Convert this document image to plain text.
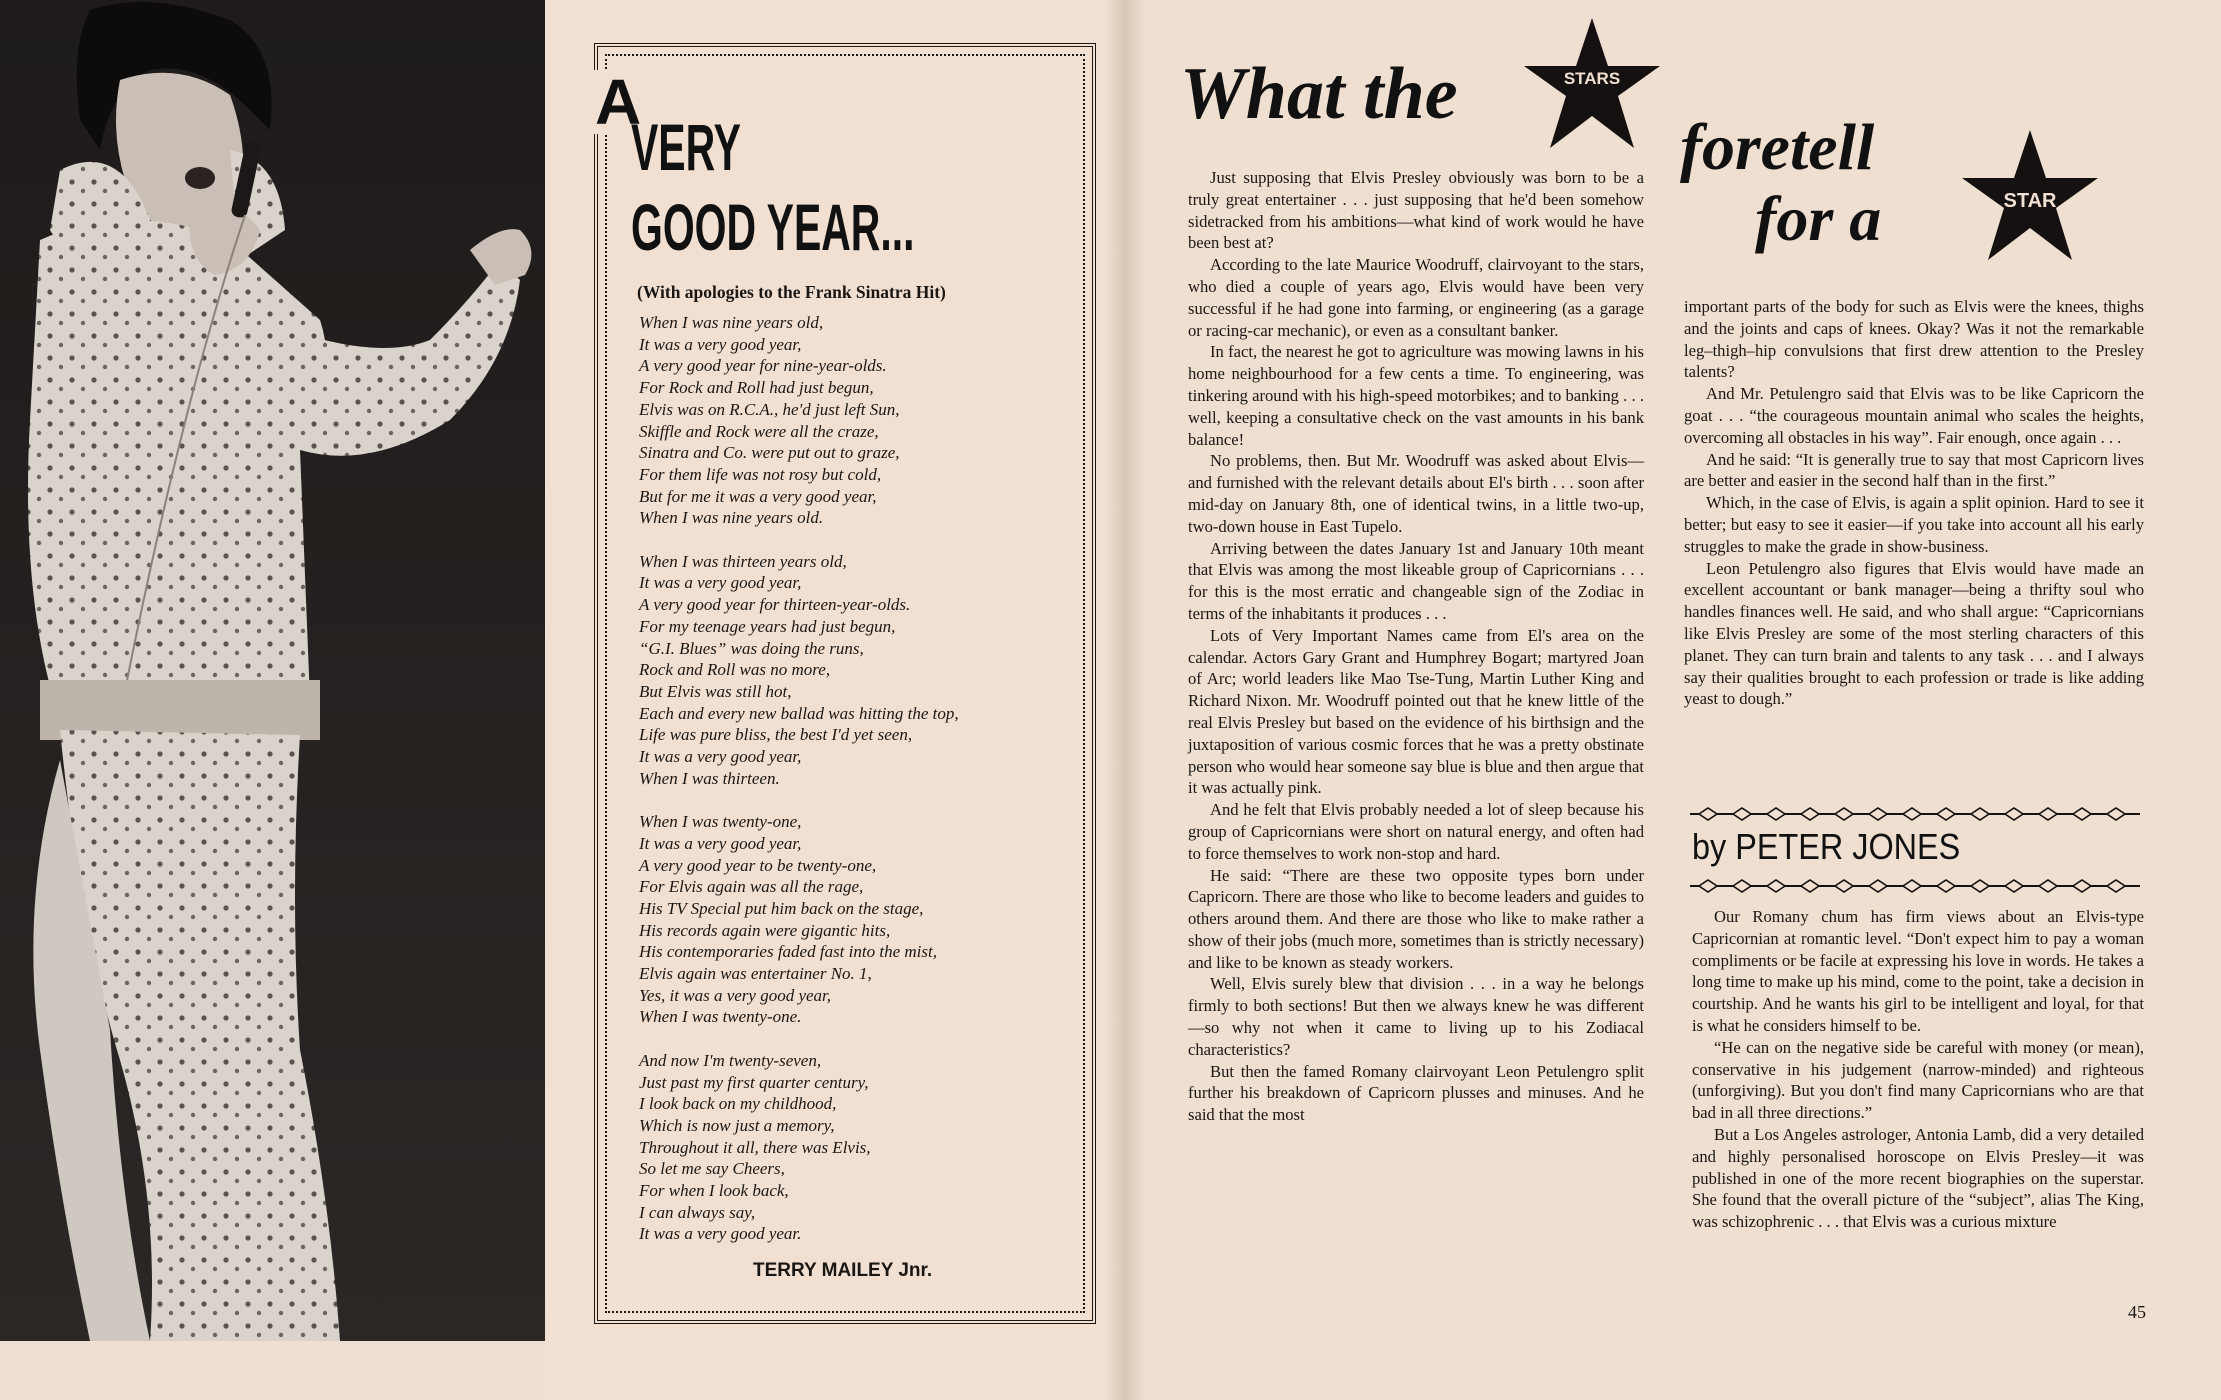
A
VERY
GOOD YEAR...
(With apologies to the Frank Sinatra Hit)
When I was nine years old,
It was a very good year,
A very good year for nine-year-olds.
For Rock and Roll had just begun,
Elvis was on R.C.A., he'd just left Sun,
Skiffle and Rock were all the craze,
Sinatra and Co. were put out to graze,
For them life was not rosy but cold,
But for me it was a very good year,
When I was nine years old.
When I was thirteen years old,
It was a very good year,
A very good year for thirteen-year-olds.
For my teenage years had just begun,
“G.I. Blues” was doing the runs,
Rock and Roll was no more,
But Elvis was still hot,
Each and every new ballad was hitting the top,
Life was pure bliss, the best I'd yet seen,
It was a very good year,
When I was thirteen.
When I was twenty-one,
It was a very good year,
A very good year to be twenty-one,
For Elvis again was all the rage,
His TV Special put him back on the stage,
His records again were gigantic hits,
His contemporaries faded fast into the mist,
Elvis again was entertainer No. 1,
Yes, it was a very good year,
When I was twenty-one.
And now I'm twenty-seven,
Just past my first quarter century,
I look back on my childhood,
Which is now just a memory,
Throughout it all, there was Elvis,
So let me say Cheers,
For when I look back,
I can always say,
It was a very good year.
TERRY MAILEY Jnr.
What the	STARS
foretell
for a	STAR

Just supposing that Elvis Presley obviously was born to be a truly great entertainer . . . just supposing that he'd been somehow sidetracked from his ambitions—what kind of work would he have been best at?

According to the late Maurice Woodruff, clairvoyant to the stars, who died a couple of years ago, Elvis would have been very successful if he had gone into farming, or engineering (as a garage or racing-car mechanic), or even as a consultant banker.

In fact, the nearest he got to agriculture was mowing lawns in his home neighbourhood for a few cents a time. To engineering, was tinkering around with his high-speed motorbikes; and to banking . . . well, keeping a consultative check on the vast amounts in his bank balance!

No problems, then. But Mr. Woodruff was asked about Elvis—and furnished with the relevant details about El's birth . . . soon after mid-day on January 8th, one of identical twins, in a little two-up, two-down house in East Tupelo.

Arriving between the dates January 1st and January 10th meant that Elvis was among the most likeable group of Capricornians . . . for this is the most erratic and changeable sign of the Zodiac in terms of the inhabitants it produces . . .

Lots of Very Important Names came from El's area on the calendar. Actors Gary Grant and Humphrey Bogart; martyred Joan of Arc; world leaders like Mao Tse-Tung, Martin Luther King and Richard Nixon. Mr. Woodruff pointed out that he knew little of the real Elvis Presley but based on the evidence of his birthsign and the juxtaposition of various cosmic forces that he was a pretty obstinate person who would hear someone say blue is blue and then argue that it was actually pink.

And he felt that Elvis probably needed a lot of sleep because his group of Capricornians were short on natural energy, and often had to force themselves to work non-stop and hard.

He said: “There are these two opposite types born under Capricorn. There are those who like to become leaders and guides to others around them. And there are those who like to make rather a show of their jobs (much more, sometimes than is strictly necessary) and like to be known as steady workers.

Well, Elvis surely blew that division . . . in a way he belongs firmly to both sections! But then we always knew he was different—so why not when it came to living up to his Zodiacal characteristics?

But then the famed Romany clairvoyant Leon Petulengro split further his breakdown of Capricorn plusses and minuses. And he said that the most

important parts of the body for such as Elvis were the knees, thighs and the joints and caps of knees. Okay? Was it not the remarkable leg–thigh–hip convulsions that first drew attention to the Presley talents?

And Mr. Petulengro said that Elvis was to be like Capricorn the goat . . . “the courageous mountain animal who scales the heights, overcoming all obstacles in his way”. Fair enough, once again . . .

And he said: “It is generally true to say that most Capricorn lives are better and easier in the second half than in the first.”

Which, in the case of Elvis, is again a split opinion. Hard to see it better; but easy to see it easier—if you take into account all his early struggles to make the grade in show-business.

Leon Petulengro also figures that Elvis would have made an excellent accountant or bank manager—being a thrifty soul who handles finances well. He said, and who shall argue: “Capricornians like Elvis Presley are some of the most sterling characters of this planet. They can turn brain and talents to any task . . . and I always say their qualities brought to each profession or trade is like adding yeast to dough.”

by PETER JONES

Our Romany chum has firm views about an Elvis-type Capricornian at romantic level. “Don't expect him to pay a woman compliments or be facile at expressing his love in words. He takes a long time to make up his mind, come to the point, take a decision in courtship. And he wants his girl to be intelligent and loyal, for that is what he considers himself to be.

“He can on the negative side be careful with money (or mean), conservative in his judgement (narrow-minded) and righteous (unforgiving). But you don't find many Capricornians who are that bad in all three directions.”

But a Los Angeles astrologer, Antonia Lamb, did a very detailed and highly personalised horoscope on Elvis Presley—it was published in one of the more recent biographies on the superstar. She found that the overall picture of the “subject”, alias The King, was schizophrenic . . . that Elvis was a curious mixture

45
